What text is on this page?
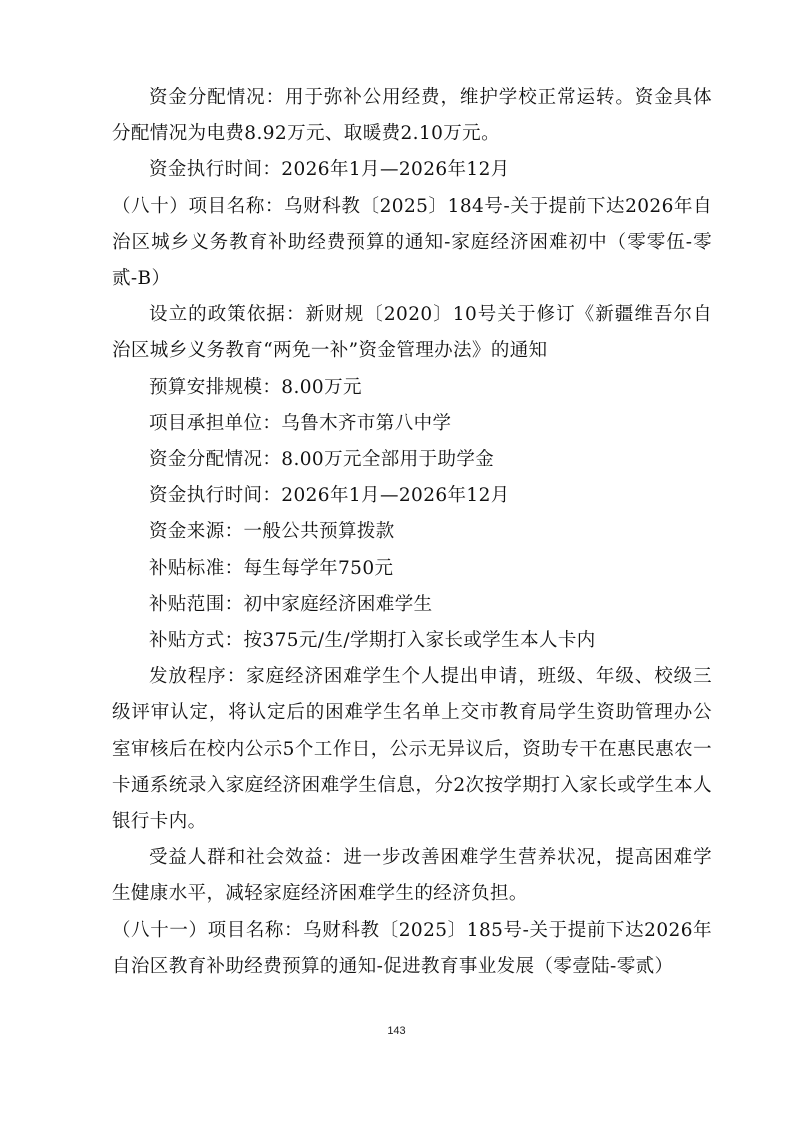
资金分配情况：用于弥补公用经费，维护学校正常运转。资金具体分配情况为电费8.92万元、取暖费2.10万元。

资金执行时间：2026年1月—2026年12月

（八十）项目名称：乌财科教〔2025〕184号-关于提前下达2026年自治区城乡义务教育补助经费预算的通知-家庭经济困难初中（零零伍-零贰-B）

设立的政策依据：新财规〔2020〕10号关于修订《新疆维吾尔自治区城乡义务教育“两免一补”资金管理办法》的通知

预算安排规模：8.00万元

项目承担单位：乌鲁木齐市第八中学

资金分配情况：8.00万元全部用于助学金

资金执行时间：2026年1月—2026年12月

资金来源：一般公共预算拨款

补贴标准：每生每学年750元

补贴范围：初中家庭经济困难学生

补贴方式：按375元/生/学期打入家长或学生本人卡内

发放程序：家庭经济困难学生个人提出申请，班级、年级、校级三级评审认定，将认定后的困难学生名单上交市教育局学生资助管理办公室审核后在校内公示5个工作日，公示无异议后，资助专干在惠民惠农一卡通系统录入家庭经济困难学生信息，分2次按学期打入家长或学生本人银行卡内。

受益人群和社会效益：进一步改善困难学生营养状况，提高困难学生健康水平，减轻家庭经济困难学生的经济负担。

（八十一）项目名称：乌财科教〔2025〕185号-关于提前下达2026年自治区教育补助经费预算的通知-促进教育事业发展（零壹陆-零贰）

143
